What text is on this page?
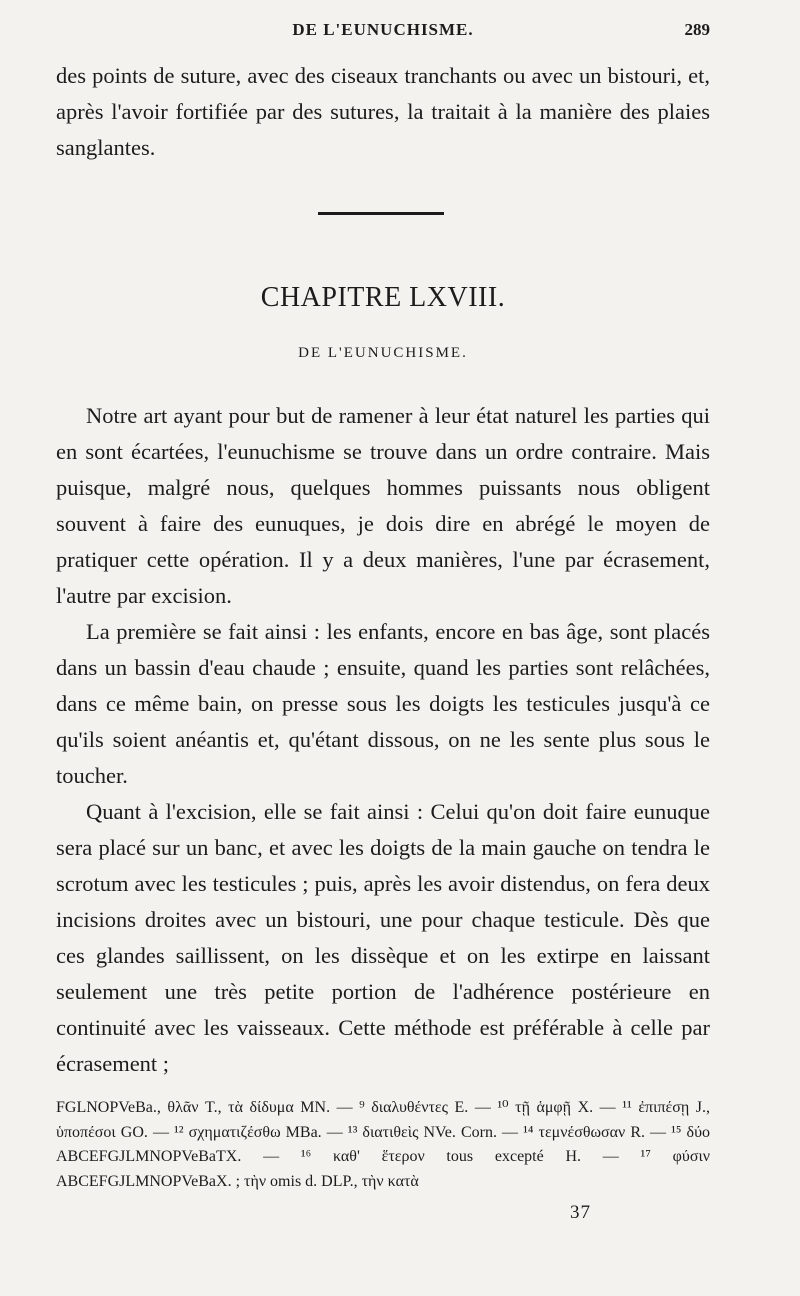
DE L'EUNUCHISME.	289

des points de suture, avec des ciseaux tranchants ou avec un bistouri, et, après l'avoir fortifiée par des sutures, la traitait à la manière des plaies sanglantes.

CHAPITRE LXVIII.
DE L'EUNUCHISME.

Notre art ayant pour but de ramener à leur état naturel les parties qui en sont écartées, l'eunuchisme se trouve dans un ordre contraire. Mais puisque, malgré nous, quelques hommes puissants nous obligent souvent à faire des eunuques, je dois dire en abrégé le moyen de pratiquer cette opération. Il y a deux manières, l'une par écrasement, l'autre par excision.

La première se fait ainsi : les enfants, encore en bas âge, sont placés dans un bassin d'eau chaude ; ensuite, quand les parties sont relâchées, dans ce même bain, on presse sous les doigts les testicules jusqu'à ce qu'ils soient anéantis et, qu'étant dissous, on ne les sente plus sous le toucher.

Quant à l'excision, elle se fait ainsi : Celui qu'on doit faire eunuque sera placé sur un banc, et avec les doigts de la main gauche on tendra le scrotum avec les testicules ; puis, après les avoir distendus, on fera deux incisions droites avec un bistouri, une pour chaque testicule. Dès que ces glandes saillissent, on les dissèque et on les extirpe en laissant seulement une très petite portion de l'adhérence postérieure en continuité avec les vaisseaux. Cette méthode est préférable à celle par écrasement ;

FGLNOPVeBa., θλᾶν T., τὰ δίδυμα MN. — ⁹ διαλυθέντες E. — ¹⁰ τῇ ἁμφῇ X. — ¹¹ ἐπιπέσῃ J., ὑποπέσοι GO. — ¹² σχηματιζέσθω MBa. — ¹³ διατιθεὶς NVe. Corn. — ¹⁴ τεμνέσθωσαν R. — ¹⁵ δύο ABCEFGJLMNOPVeBaTX. — ¹⁶ καθ' ἕτερον tous excepté H. — ¹⁷ φύσιν ABCEFGJLMNOPVeBaX. ; τὴν omis d. DLP., τὴν κατὰ

37
